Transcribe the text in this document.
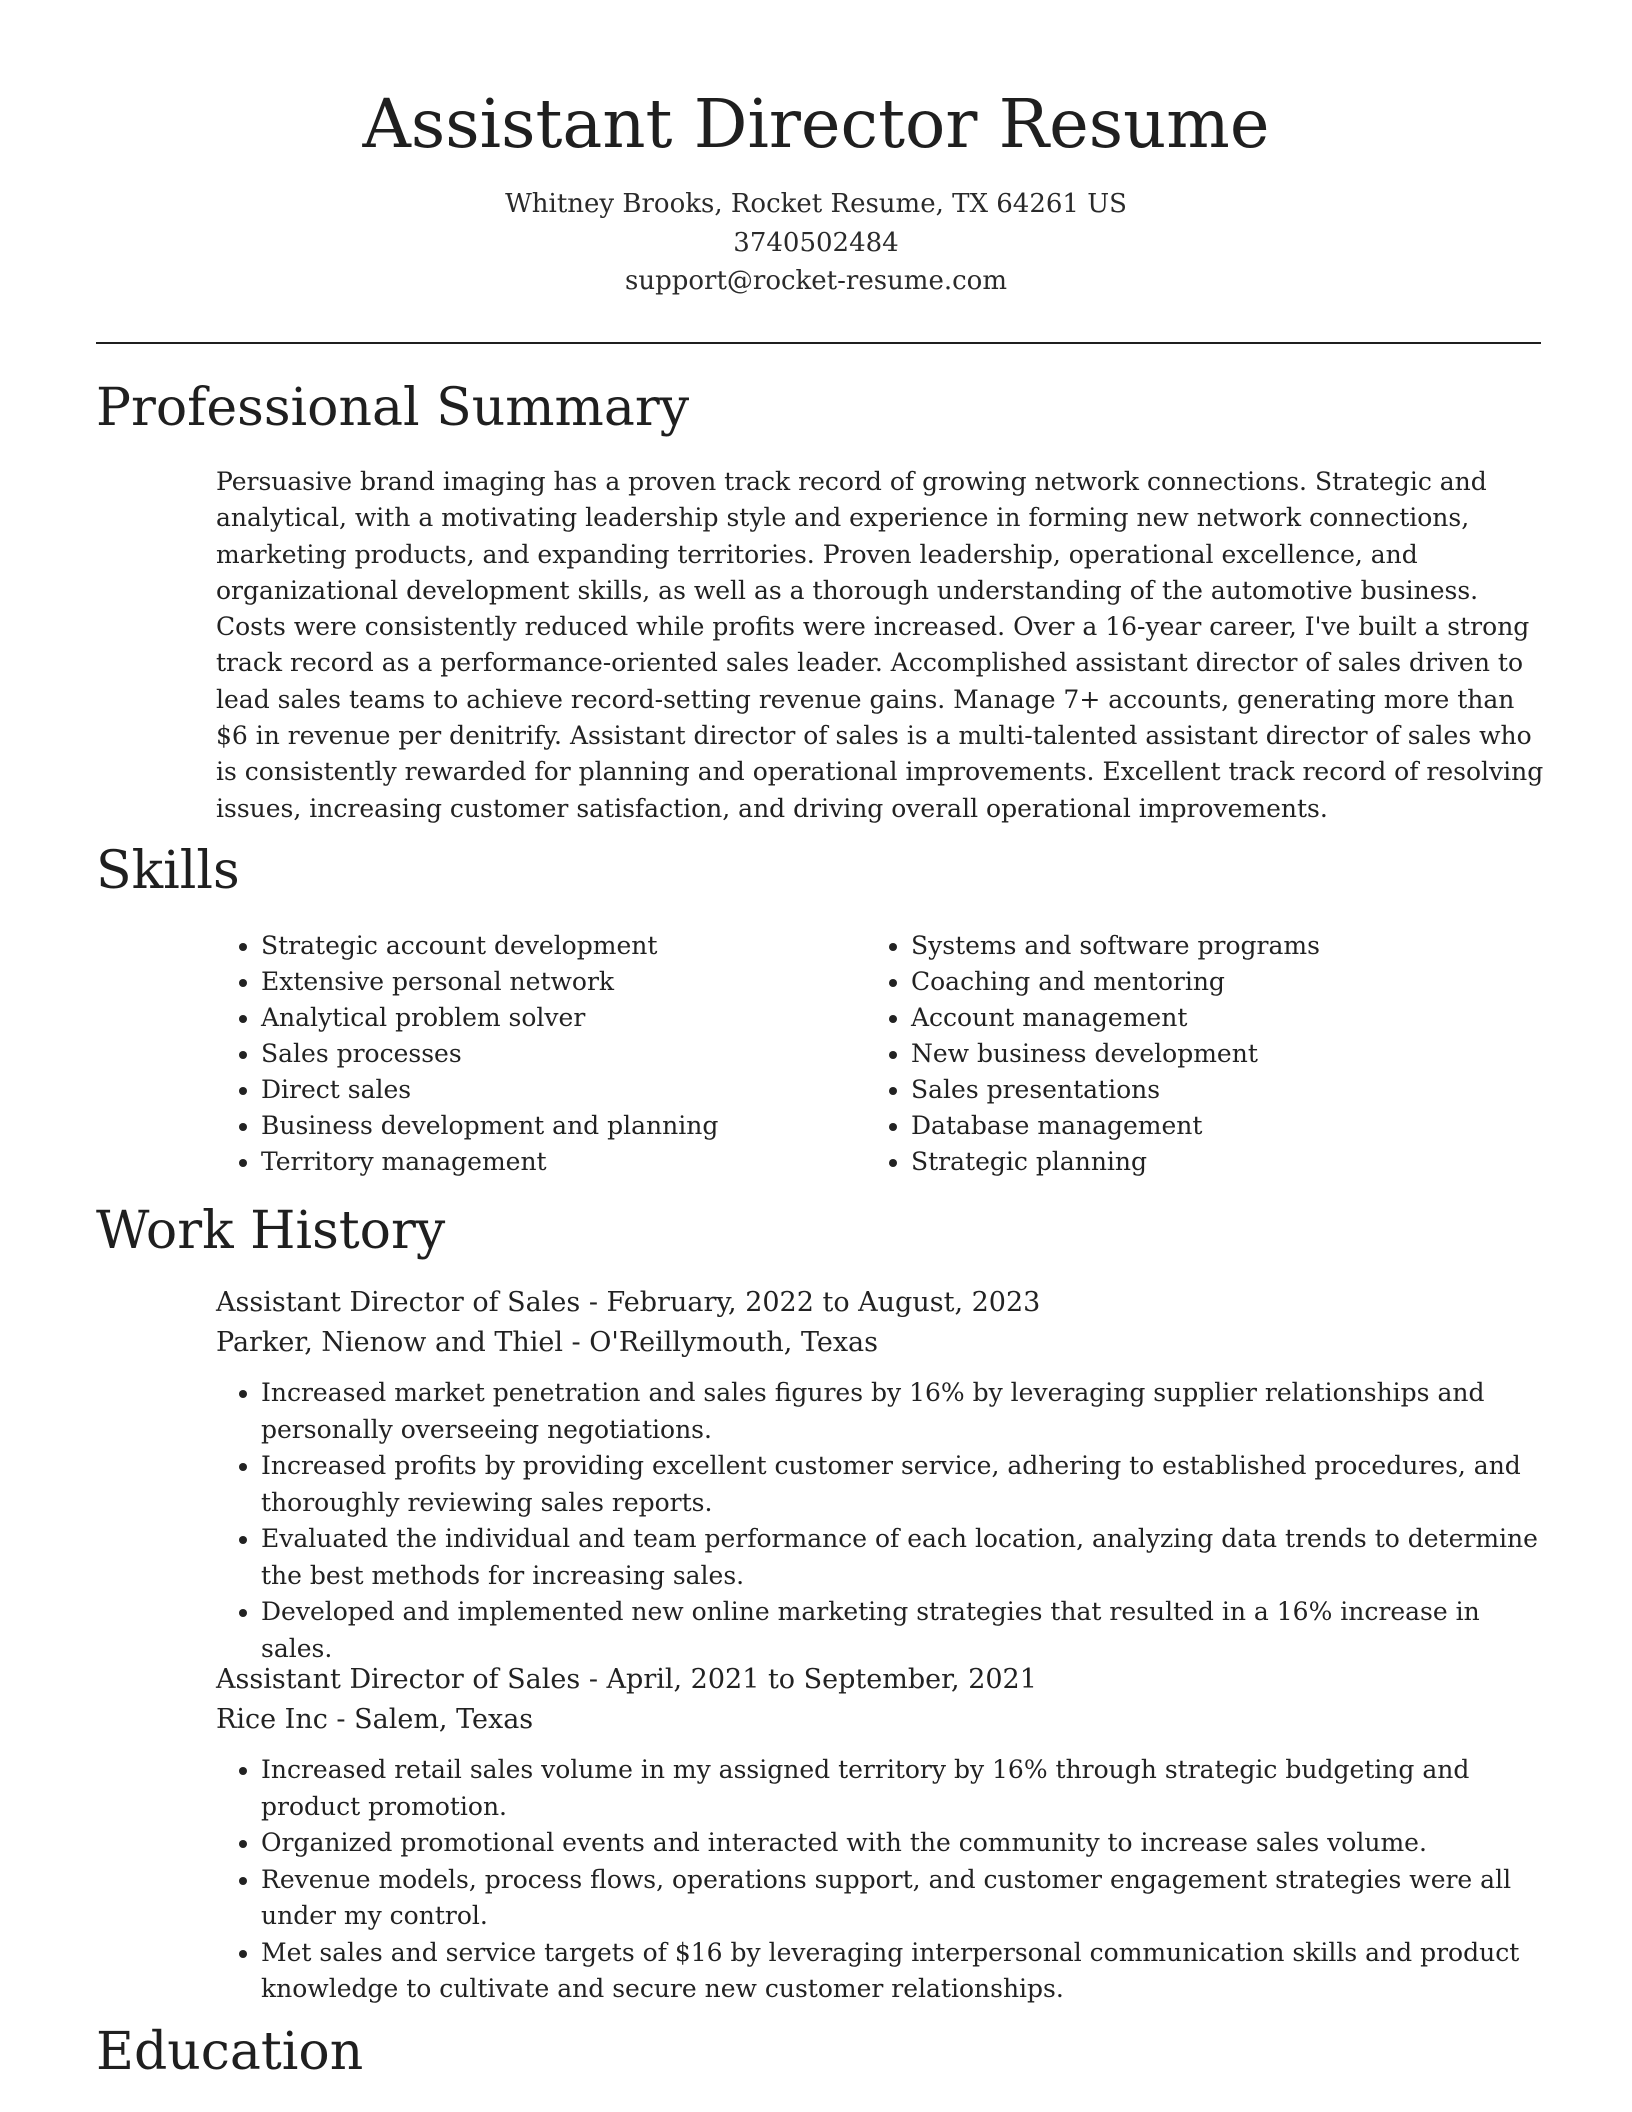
Assistant Director Resume
Whitney Brooks, Rocket Resume, TX 64261 US
3740502484
support@rocket-resume.com
Professional Summary

Persuasive brand imaging has a proven track record of growing network connections. Strategic and analytical, with a motivating leadership style and experience in forming new network connections, marketing products, and expanding territories. Proven leadership, operational excellence, and organizational development skills, as well as a thorough understanding of the automotive business. Costs were consistently reduced while profits were increased. Over a 16-year career, I've built a strong track record as a performance-oriented sales leader. Accomplished assistant director of sales driven to lead sales teams to achieve record-setting revenue gains. Manage 7+ accounts, generating more than $6 in revenue per denitrify. Assistant director of sales is a multi-talented assistant director of sales who is consistently rewarded for planning and operational improvements. Excellent track record of resolving issues, increasing customer satisfaction, and driving overall operational improvements.

Skills
• Strategic account development
• Extensive personal network
• Analytical problem solver
• Sales processes
• Direct sales
• Business development and planning
• Territory management
• Systems and software programs
• Coaching and mentoring
• Account management
• New business development
• Sales presentations
• Database management
• Strategic planning
Work History

Assistant Director of Sales - February, 2022 to August, 2023

Parker, Nienow and Thiel - O'Reillymouth, Texas

• Increased market penetration and sales figures by 16% by leveraging supplier relationships and personally overseeing negotiations.
• Increased profits by providing excellent customer service, adhering to established procedures, and thoroughly reviewing sales reports.
• Evaluated the individual and team performance of each location, analyzing data trends to determine the best methods for increasing sales.
• Developed and implemented new online marketing strategies that resulted in a 16% increase in sales.

Assistant Director of Sales - April, 2021 to September, 2021

Rice Inc - Salem, Texas

• Increased retail sales volume in my assigned territory by 16% through strategic budgeting and product promotion.
• Organized promotional events and interacted with the community to increase sales volume.
• Revenue models, process flows, operations support, and customer engagement strategies were all under my control.
• Met sales and service targets of $16 by leveraging interpersonal communication skills and product knowledge to cultivate and secure new customer relationships.
Education
